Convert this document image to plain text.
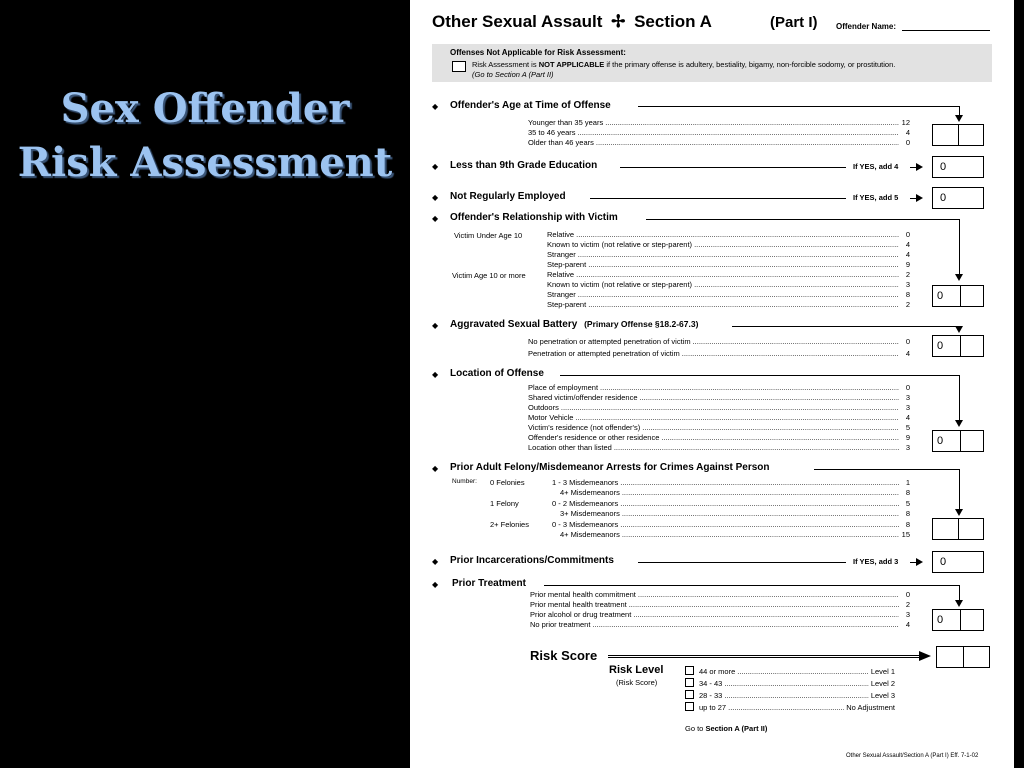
Sex Offender
Risk Assessment
Other Sexual Assault ✢ Section A	(Part I) Offender Name:
Offenses Not Applicable for Risk Assessment:
Risk Assessment is NOT APPLICABLE if the primary offense is adultery, bestiality, bigamy, non-forcible sodomy, or prostitution.
(Go to Section A (Part II)
◆ Offender's Age at Time of Offense
Younger than 35 years .....	12
35 to 46 years .....	4
Older than 46 years .....	0
◆ Less than 9th Grade Education	If YES, add 4	0
◆ Not Regularly Employed	If YES, add 5	0
◆ Offender's Relationship with Victim
Victim Under Age 10	Relative .....	0
Known to victim (not relative or step-parent) .....	4
Stranger .....	4
Step-parent .....	9
Victim Age 10 or more	Relative .....	2
Known to victim (not relative or step-parent) .....	3
Stranger .....	8
Step-parent .....	2
0
◆ Aggravated Sexual Battery (Primary Offense §18.2-67.3)
No penetration or attempted penetration of victim .....	0
Penetration or attempted penetration of victim .....	4
0
◆ Location of Offense
Place of employment .....	0
Shared victim/offender residence .....	3
Outdoors .....	3
Motor Vehicle .....	4
Victim's residence (not offender's) .....	5
Offender's residence or other residence .....	9
Location other than listed .....	3
0
◆ Prior Adult Felony/Misdemeanor Arrests for Crimes Against Person
Number: 0 Felonies	1 - 3 Misdemeanors .....	1
4+ Misdemeanors .....	8
1 Felony	0 - 2 Misdemeanors .....	5
3+ Misdemeanors .....	8
2+ Felonies	0 - 3 Misdemeanors .....	8
4+ Misdemeanors .....	15
◆ Prior Incarcerations/Commitments	If YES, add 3	0
◆ Prior Treatment
Prior mental health commitment .....	0
Prior mental health treatment .....	2
Prior alcohol or drug treatment .....	3
No prior treatment .....	4	0
Risk Score
Risk Level
(Risk Score)
44 or more .....	Level 1
34 - 43 .....	Level 2
28 - 33 .....	Level 3
up to 27 .....	No Adjustment
Go to Section A (Part II)
Other Sexual Assault/Section A (Part I) Eff. 7-1-02
